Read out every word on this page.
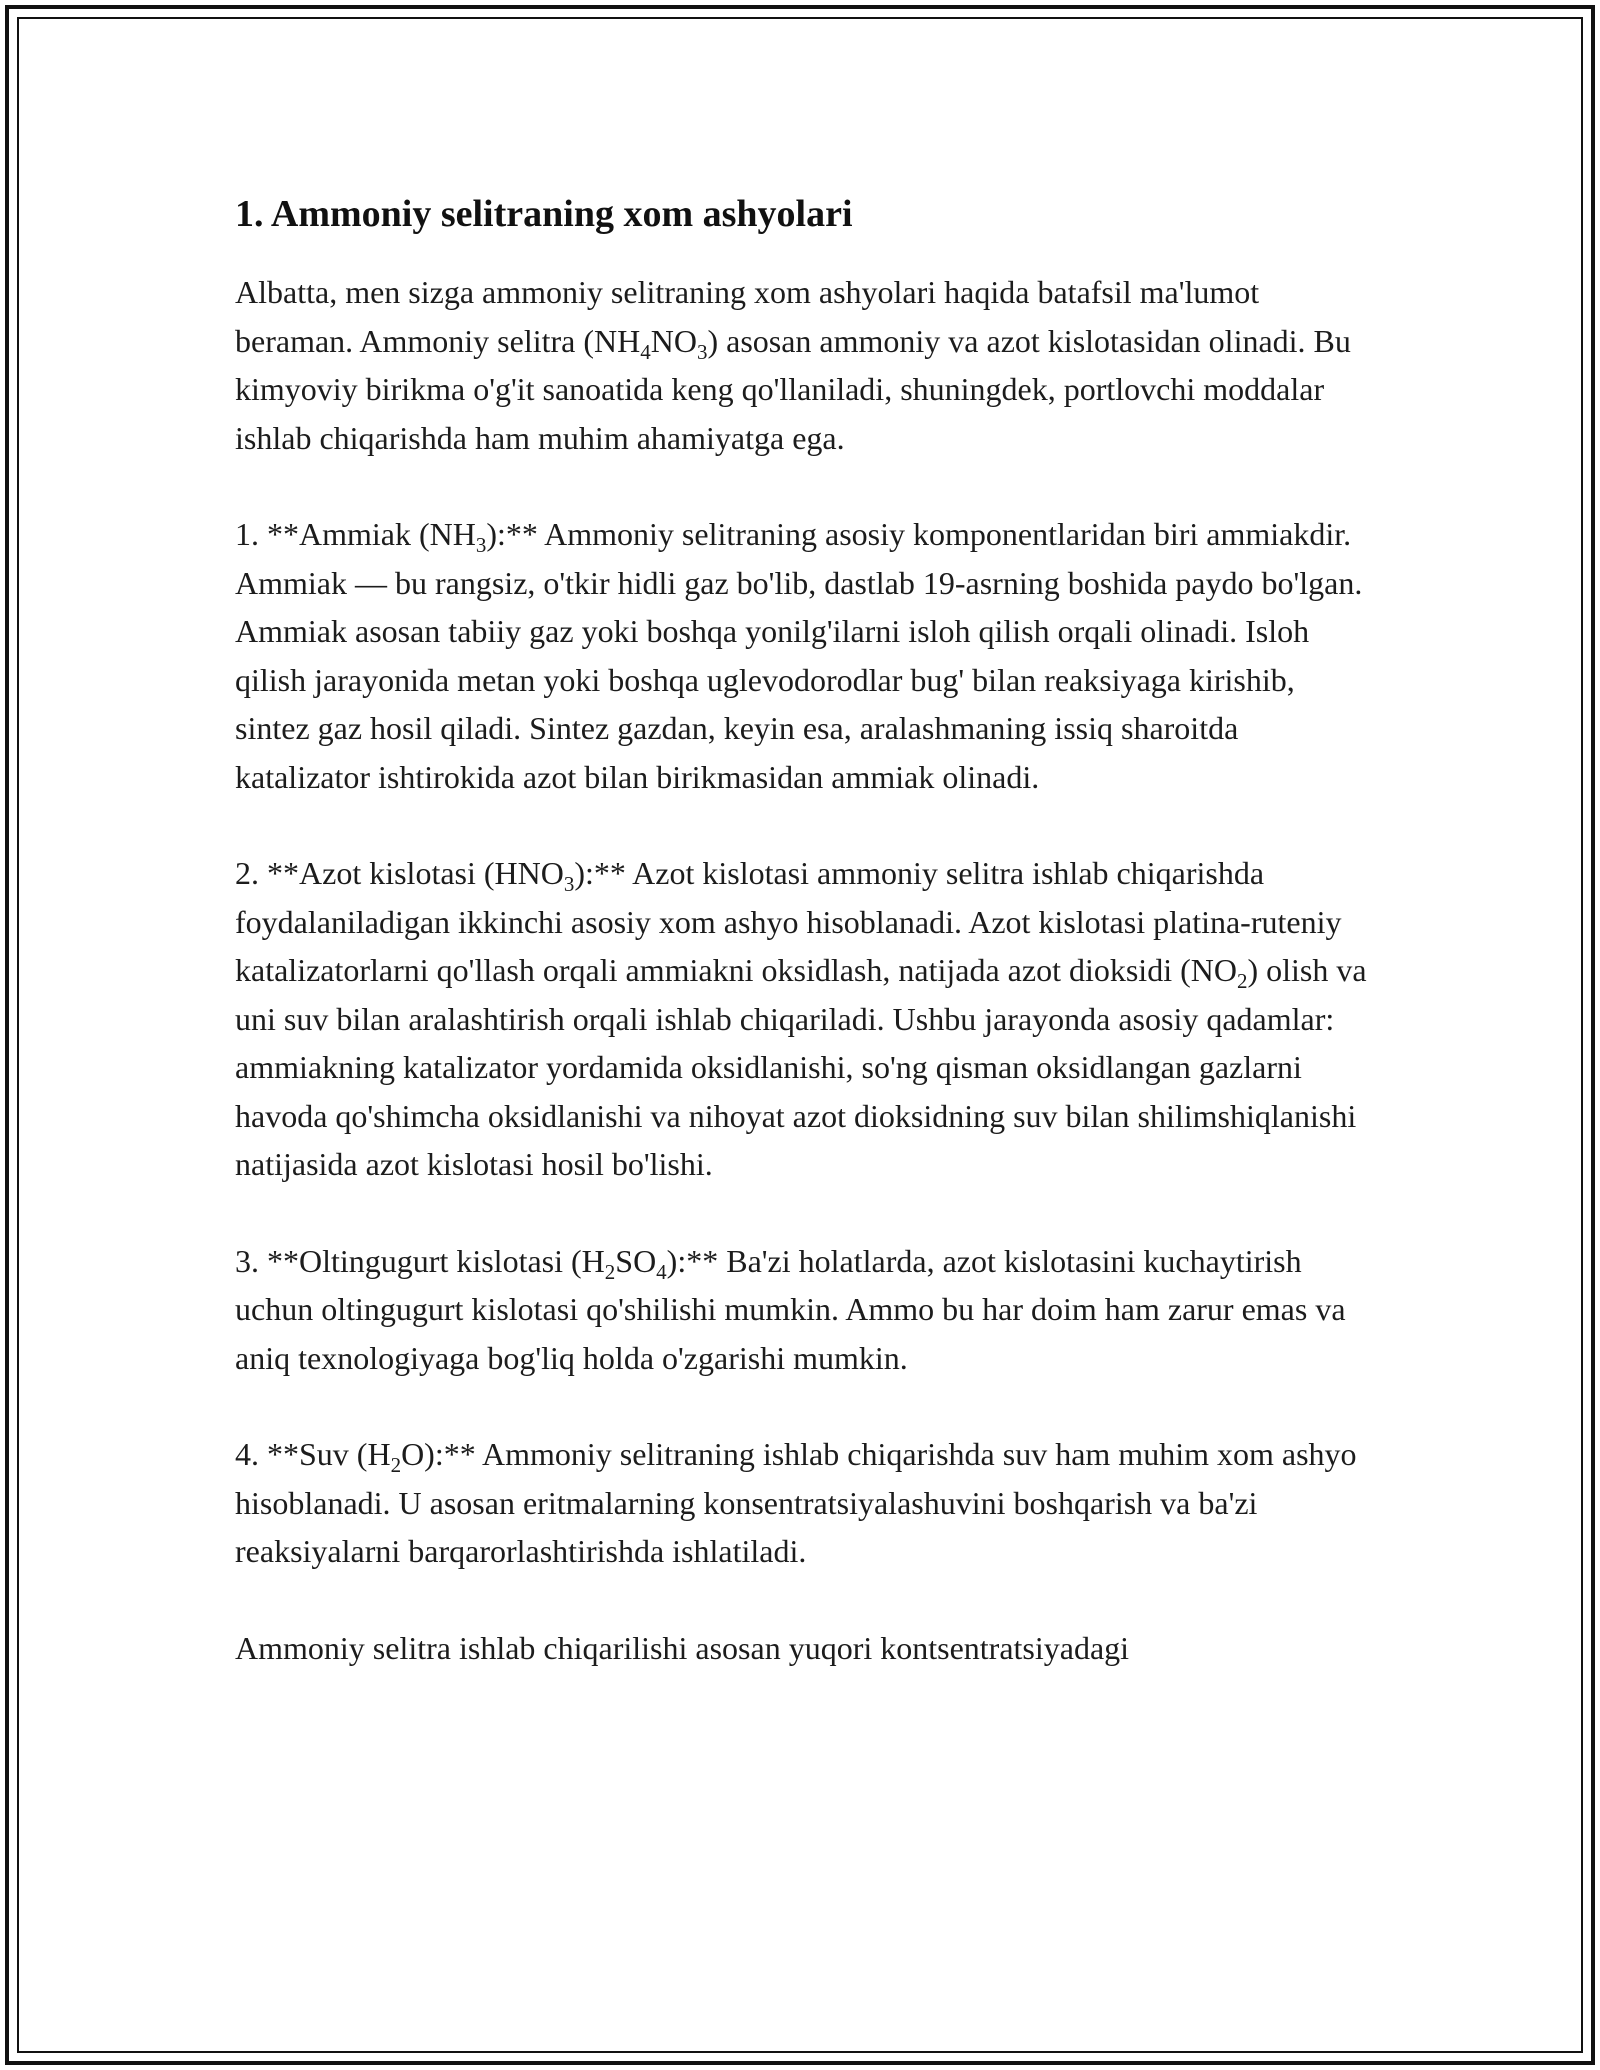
1. Ammoniy selitraning xom ashyolari

Albatta, men sizga ammoniy selitraning xom ashyolari haqida batafsil ma'lumot beraman. Ammoniy selitra $(NH_4NO_3)$ asosan ammoniy va azot kislotasidan olinadi. Bu kimyoviy birikma o'g'it sanoatida keng qo'llaniladi, shuningdek, portlovchi moddalar ishlab chiqarishda ham muhim ahamiyatga ega.

1. **Ammiak $(NH_3):**$ Ammoniy selitraning asosiy komponentlaridan biri ammiakdir. Ammiak — bu rangsiz, o'tkir hidli gaz bo'lib, dastlab 19-asrning boshida paydo bo'lgan. Ammiak asosan tabiiy gaz yoki boshqa yonilg'ilarni isloh qilish orqali olinadi. Isloh qilish jarayonida metan yoki boshqa uglevodorodlar bug' bilan reaksiyaga kirishib, sintez gaz hosil qiladi. Sintez gazdan, keyin esa, aralashmaning issiq sharoitda katalizator ishtirokida azot bilan birikmasidan ammiak olinadi.

2. **Azot kislotasi $(HNO_3):**$ Azot kislotasi ammoniy selitra ishlab chiqarishda foydalaniladigan ikkinchi asosiy xom ashyo hisoblanadi. Azot kislotasi platina-ruteniy katalizatorlarni qo'llash orqali ammiakni oksidlash, natijada azot dioksidi $(NO_2)$ olish va uni suv bilan aralashtirish orqali ishlab chiqariladi. Ushbu jarayonda asosiy qadamlar: ammiakning katalizator yordamida oksidlanishi, so'ng qisman oksidlangan gazlarni havoda qo'shimcha oksidlanishi va nihoyat azot dioksidning suv bilan shilimshiqlanishi natijasida azot kislotasi hosil bo'lishi.

3. **Oltingugurt kislotasi $(H_2SO_4):**$ Ba'zi holatlarda, azot kislotasini kuchaytirish uchun oltingugurt kislotasi qo'shilishi mumkin. Ammo bu har doim ham zarur emas va aniq texnologiyaga bog'liq holda o'zgarishi mumkin.

4. **Suv $(H_2O):**$ Ammoniy selitraning ishlab chiqarishda suv ham muhim xom ashyo hisoblanadi. U asosan eritmalarning konsentratsiyalashuvini boshqarish va ba'zi reaksiyalarni barqarorlashtirishda ishlatiladi.

Ammoniy selitra ishlab chiqarilishi asosan yuqori kontsentratsiyadagi
